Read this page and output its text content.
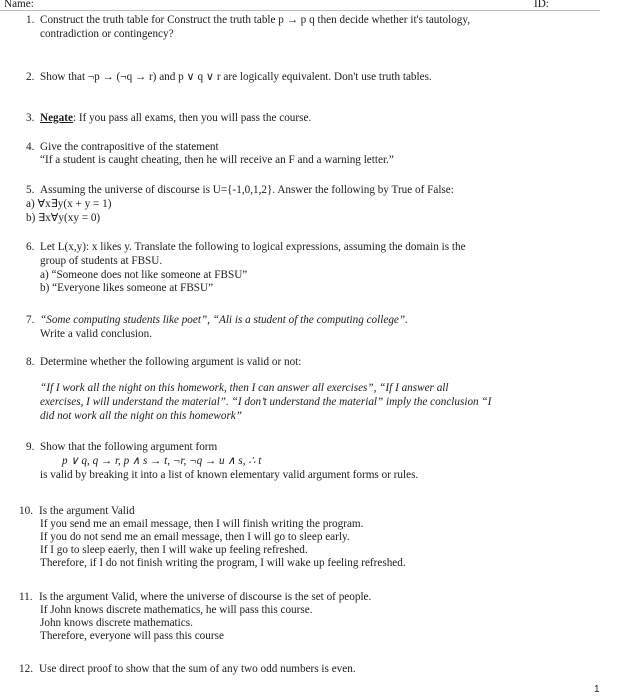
Name:	ID:
1. Construct the truth table for Construct the truth table p → p q then decide whether it's tautology,
contradiction or contingency?
2. Show that ¬p → (¬q → r) and p ∨ q ∨ r are logically equivalent. Don't use truth tables.
3. Negate: If you pass all exams, then you will pass the course.
4. Give the contrapositive of the statement
“If a student is caught cheating, then he will receive an F and a warning letter.”
5. Assuming the universe of discourse is U={-1,0,1,2}. Answer the following by True of False:
a) ∀x∃y(x + y = 1)
b) ∃x∀y(xy = 0)
6. Let L(x,y): x likes y. Translate the following to logical expressions, assuming the domain is the
group of students at FBSU.
a) “Someone does not like someone at FBSU”
b) “Everyone likes someone at FBSU”
7. “Some computing students like poet”, “Ali is a student of the computing college”.
Write a valid conclusion.
8. Determine whether the following argument is valid or not:
“If I work all the night on this homework, then I can answer all exercises”, “If I answer all
exercises, I will understand the material”. “I don’t understand the material” imply the conclusion “I
did not work all the night on this homework”
9. Show that the following argument form
p ∨ q, q → r, p ∧ s → t, ¬r, ¬q → u ∧ s, ∴ t
is valid by breaking it into a list of known elementary valid argument forms or rules.
10. Is the argument Valid
If you send me an email message, then I will finish writing the program.
If you do not send me an email message, then I will go to sleep early.
If I go to sleep eaerly, then I will wake up feeling refreshed.
Therefore, if I do not finish writing the program, I will wake up feeling refreshed.
11. Is the argument Valid, where the universe of discourse is the set of people.
If John knows discrete mathematics, he will pass this course.
John knows discrete mathematics.
Therefore, everyone will pass this course
12. Use direct proof to show that the sum of any two odd numbers is even.
1
